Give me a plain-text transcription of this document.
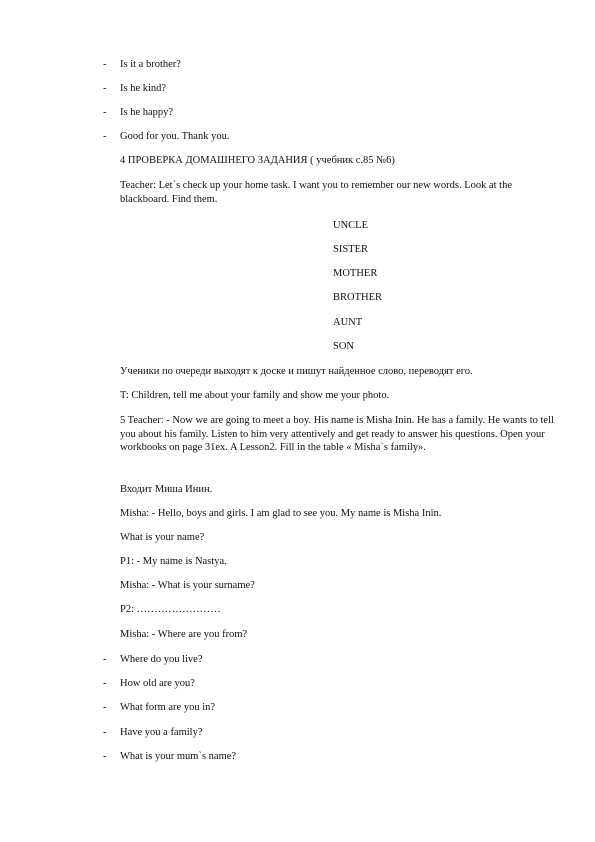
- Is it a brother?
- Is he kind?
- Is he happy?
- Good for you. Thank you.
4 ПРОВЕРКА ДОМАШНЕГО ЗАДАНИЯ ( учебник с.85 №6)
Teacher: Let`s check up your home task. I want you to remember our new words. Look at the blackboard. Find them.
UNCLE
SISTER
MOTHER
BROTHER
AUNT
SON
Ученики по очереди выходят к доске и пишут найденное слово, переводят его.
T: Children, tell me about your family and show me your photo.
5 Teacher: - Now we are going to meet a boy. His name is Misha Inin. He has a family. He wants to tell you about his family. Listen to him very attentively and get ready to answer his questions. Open your workbooks on page 31ex. A Lesson2. Fill in the table « Misha`s family».
Входит Миша Инин.
Misha: - Hello, boys and girls. I am glad to see you. My name is Misha Inin.
What is your name?
P1: - My name is Nastya.
Misha: - What is your surname?
P2: ……………………
Misha: - Where are you from?
- Where do you live?
- How old are you?
- What form are you in?
- Have you a family?
- What is your mum`s name?
